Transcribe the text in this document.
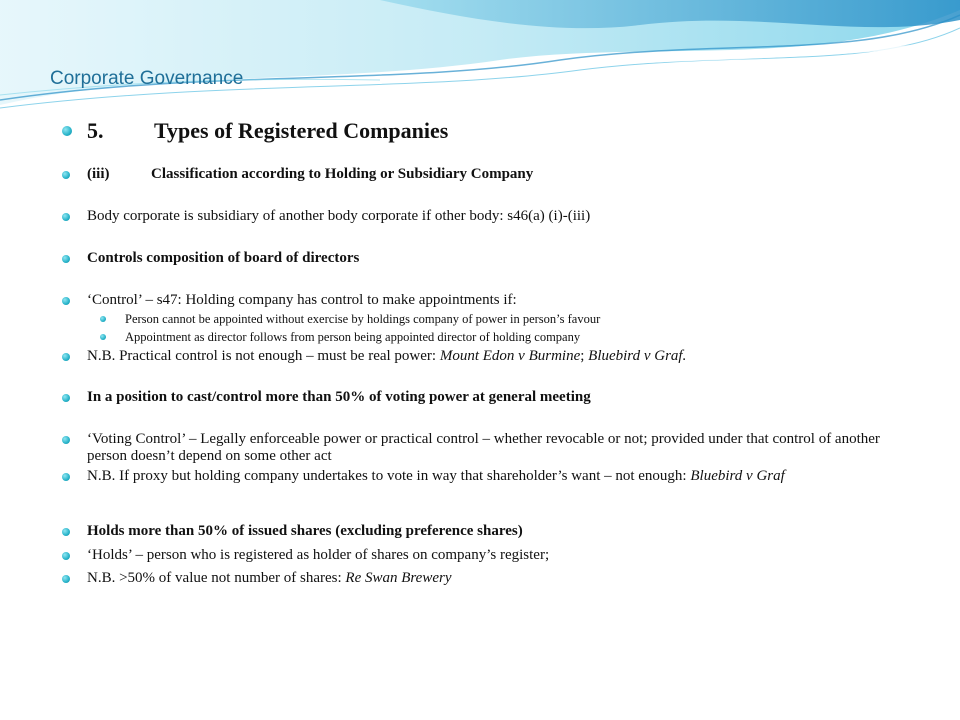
Corporate Governance
5. Types of Registered Companies
(iii)	Classification according to Holding or Subsidiary Company
Body corporate is subsidiary of another body corporate if other body: s46(a) (i)-(iii)
Controls composition of board of directors
‘Control’ – s47: Holding company has control to make appointments if:
Person cannot be appointed without exercise by holdings company of power in person’s favour
Appointment as director follows from person being appointed director of holding company
N.B. Practical control is not enough – must be real power: Mount Edon v Burmine; Bluebird v Graf.
In a position to cast/control more than 50% of voting power at general meeting
‘Voting Control’ – Legally enforceable power or practical control – whether revocable or not; provided under that control of another person doesn’t depend on some other act
N.B. If proxy but holding company undertakes to vote in way that shareholder’s want – not enough: Bluebird v Graf
Holds more than 50% of issued shares (excluding preference shares)
‘Holds’ – person who is registered as holder of shares on company’s register;
N.B. >50% of value not number of shares: Re Swan Brewery
